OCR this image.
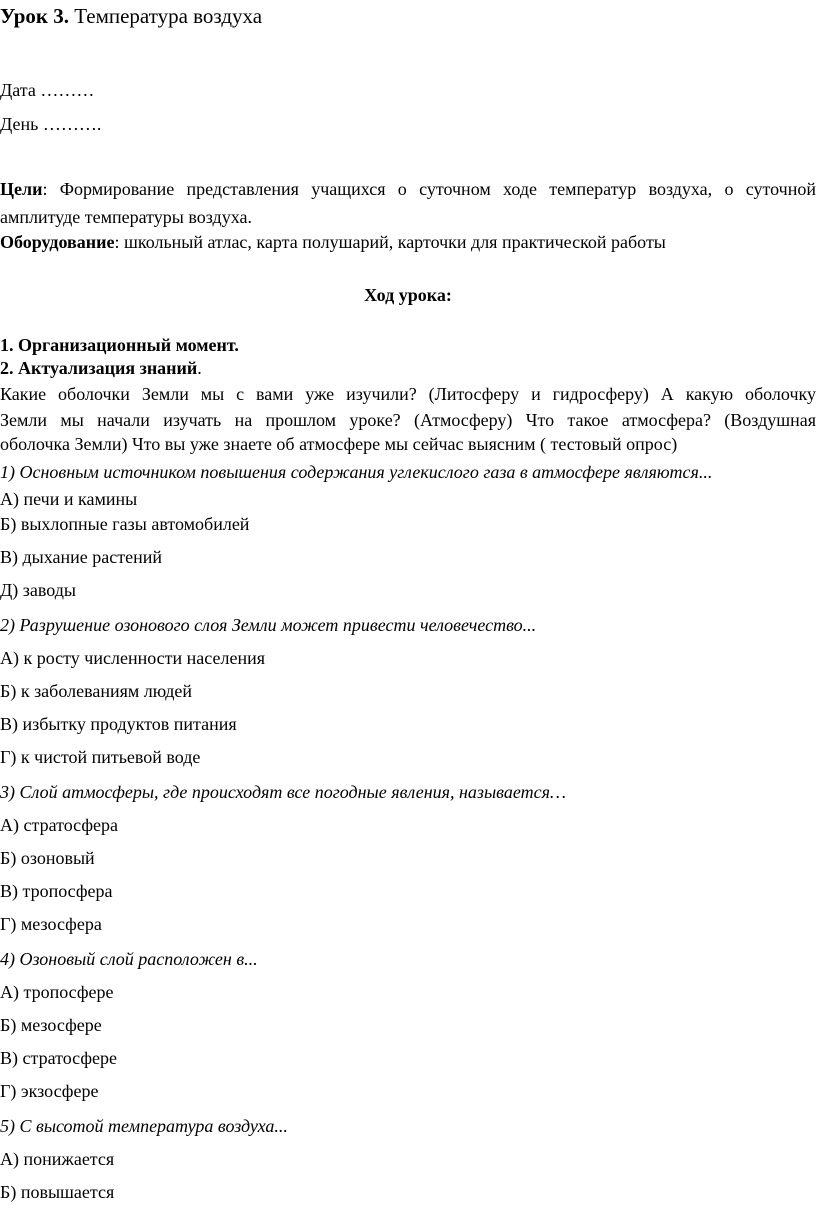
Урок 3. Температура воздуха
Дата ………
День ……….
Цели: Формирование представления учащихся о суточном ходе температур воздуха, о суточной
амплитуде температуры воздуха.
Оборудование: школьный атлас, карта полушарий, карточки для практической работы
Ход урока:
1. Организационный момент.
2. Актуализация знаний.
Какие оболочки Земли мы с вами уже изучили? (Литосферу и гидросферу) А какую оболочку
Земли мы начали изучать на прошлом уроке? (Атмосферу) Что такое атмосфера? (Воздушная
оболочка Земли) Что вы уже знаете об атмосфере мы сейчас выясним ( тестовый опрос)
1) Основным источником повышения содержания углекислого газа в атмосфере являются...
А) печи и камины
Б) выхлопные газы автомобилей
В) дыхание растений
Д) заводы
2) Разрушение озонового слоя Земли может привести человечество...
А) к росту численности населения
Б) к заболеваниям людей
В) избытку продуктов питания
Г) к чистой питьевой воде
3) Слой атмосферы, где происходят все погодные явления, называется…
А) стратосфера
Б) озоновый
В) тропосфера
Г) мезосфера
4) Озоновый слой расположен в...
А) тропосфере
Б) мезосфере
В) стратосфере
Г) экзосфере
5) С высотой температура воздуха...
А) понижается
Б) повышается
